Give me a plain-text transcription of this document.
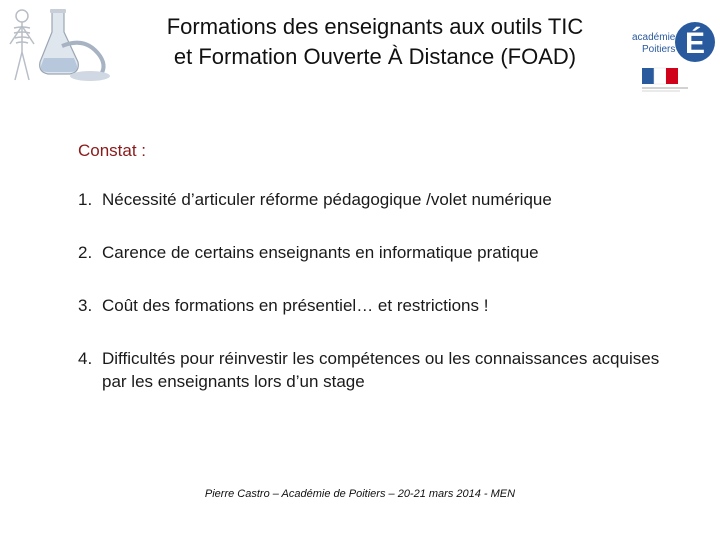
Formations des enseignants aux outils TIC
et Formation Ouverte À Distance (FOAD)
académie
Poitiers É
Constat :
1. Nécessité d’articuler réforme pédagogique /volet numérique
2. Carence de certains enseignants en informatique pratique
3. Coût des formations en présentiel… et restrictions !
4. Difficultés pour réinvestir les compétences ou les connaissances acquises par les enseignants lors d’un stage
Pierre Castro – Académie de Poitiers – 20-21 mars 2014 - MEN
